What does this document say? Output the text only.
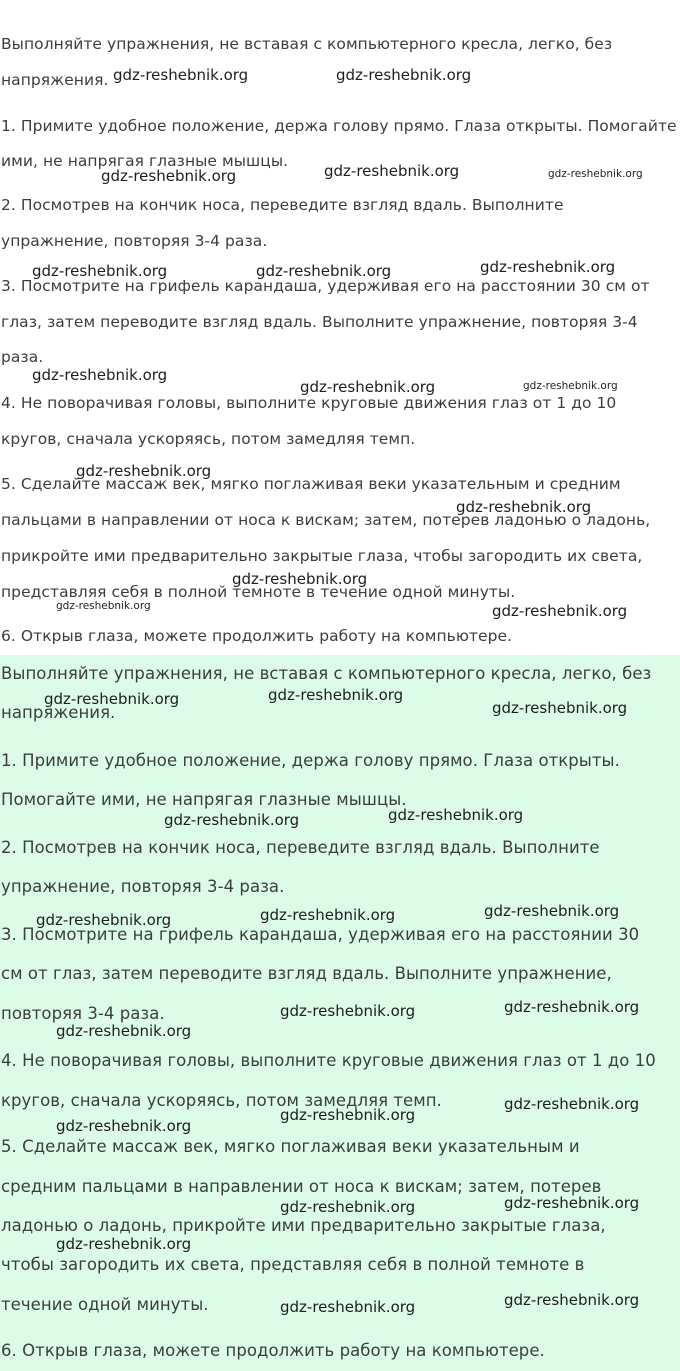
Выполняйте упражнения, не вставая с компьютерного кресла, легко, без
напряжения.
1. Примите удобное положение, держа голову прямо. Глаза открыты. Помогайте
ими, не напрягая глазные мышцы.
2. Посмотрев на кончик носа, переведите взгляд вдаль. Выполните
упражнение, повторяя 3-4 раза.
3. Посмотрите на грифель карандаша, удерживая его на расстоянии 30 см от
глаз, затем переводите взгляд вдаль. Выполните упражнение, повторяя 3-4
раза.
4. Не поворачивая головы, выполните круговые движения глаз от 1 до 10
кругов, сначала ускоряясь, потом замедляя темп.
5. Сделайте массаж век, мягко поглаживая веки указательным и средним
пальцами в направлении от носа к вискам; затем, потерев ладонью о ладонь,
прикройте ими предварительно закрытые глаза, чтобы загородить их света,
представляя себя в полной темноте в течение одной минуты.
6. Открыв глаза, можете продолжить работу на компьютере.
gdz-reshebnik.org	gdz-reshebnik.org
gdz-reshebnik.org	gdz-reshebnik.org	gdz-reshebnik.org
gdz-reshebnik.org	gdz-reshebnik.org	gdz-reshebnik.org
gdz-reshebnik.org
gdz-reshebnik.org	gdz-reshebnik.org
gdz-reshebnik.org
gdz-reshebnik.org
gdz-reshebnik.org
gdz-reshebnik.org	gdz-reshebnik.org
Выполняйте упражнения, не вставая с компьютерного кресла, легко, без
напряжения.
1. Примите удобное положение, держа голову прямо. Глаза открыты.
Помогайте ими, не напрягая глазные мышцы.
2. Посмотрев на кончик носа, переведите взгляд вдаль. Выполните
упражнение, повторяя 3-4 раза.
3. Посмотрите на грифель карандаша, удерживая его на расстоянии 30
см от глаз, затем переводите взгляд вдаль. Выполните упражнение,
повторяя 3-4 раза.
4. Не поворачивая головы, выполните круговые движения глаз от 1 до 10
кругов, сначала ускоряясь, потом замедляя темп.
5. Сделайте массаж век, мягко поглаживая веки указательным и
средним пальцами в направлении от носа к вискам; затем, потерев
ладонью о ладонь, прикройте ими предварительно закрытые глаза,
чтобы загородить их света, представляя себя в полной темноте в
течение одной минуты.
6. Открыв глаза, можете продолжить работу на компьютере.
gdz-reshebnik.org	gdz-reshebnik.org
gdz-reshebnik.org
gdz-reshebnik.org	gdz-reshebnik.org
gdz-reshebnik.org	gdz-reshebnik.org	gdz-reshebnik.org
gdz-reshebnik.org
gdz-reshebnik.org	gdz-reshebnik.org
gdz-reshebnik.org
gdz-reshebnik.org
gdz-reshebnik.org
gdz-reshebnik.org
gdz-reshebnik.org	gdz-reshebnik.org
gdz-reshebnik.org	gdz-reshebnik.org
